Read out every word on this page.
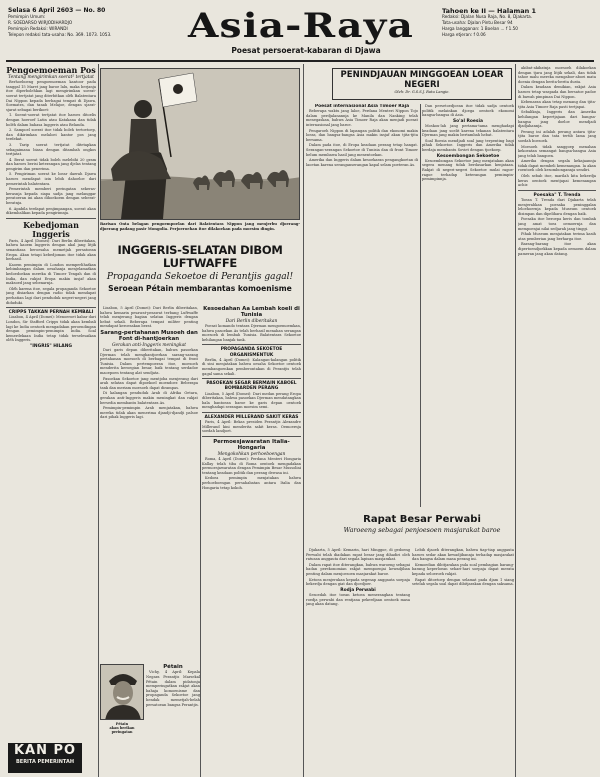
Selasa 6 April 2603 — No. 80
Pemimpin Umum:
R. SOEDARSO WIRJODIHARDJO
Pemimpin Redaksi: WIRANDI
Telepon redaksi tata-usaha: No. 369. 1073. 1053.	Asia-Raya
Poesat persoerat-kabaran di Djawa
Tahoen ke II — Halaman 1
Redaksi: Djalan Nusa Raja, No. 8, Djakarta.
Tata-usaha: Djalan Pintu Besar 94
Harga langganan: 1 Boelan ... f 1.50
Harga etjeran: f 0.06
Pengoemoeman Pos
Tentang mengirimkan soerat² tertjatat

Berhoeboeng pengoemoeman kantoor pada tanggal 15 Maret jang baroe lalu, maka berjanja itoe diperbolehkan lagi mengirimkan soerat-soerat tertjatat jang diterbitkan oléh Balatentara Dai Nippon kepada berbagai tempat di Djawa, Soematra, dan tanah Melajoe, dengan sjarat-sjarat sebagai berikoet:

1. Soerat-soerat tertjatat itoe haroes ditoelis dengan hoeroef Latin atau Katakana dan tidak boléh dalam bahasa Inggeris atau Belanda.

2. Sampoel soerat itoe tidak boleh tertoetoep, dan dikirimkan melaloei kantor pos jang terdekat.

3. Tarip soerat tertjatat ditetapkan sebagaimana biasa dengan ditambah ongkos tertjatat.

4. Berat soerat tidak boleh melebihi 20 gram dan haroes berisi keterangan jang djelas tentang pengirim dan penerima.

5. Pengiriman soerat ke loear daerah Djawa haroes mendapat izin lebih dahoeloe dari pemerintah balatentara.

Pemerintah memberi peringatan sekeras-kerasnja kepada siapa sadja jang melanggar peratoeran ini akan dihoekoem dengan seberat-beratnja.

6. Apabila terdapat penjimpangan, soerat akan dikembalikan kepada pengirimnja.

Kebedjoman Inggeris

Paris, 4 April (Domei): Dari Berlin diberitakan, bahwa kaoem Inggeris dengan akal jang litjik senantiasa beroesaha memetjah persatoean Eropa. Akan tetapi kebedjoman itoe tidak akan berhasil.

Kaoem pemimpin di London memperlihatkan kebimbangan dalam oesahanja menjelamatkan kedoedoekan mereka di Timoer Tengah dan di India, dan rakjat Eropa makin insjaf akan maksoed jang sebenarnja.

Oléh karena itoe, segala propaganda Sekoetoe jang disiarkan dengan radio tidak mendapat perhatian lagi dari penduduk negeri-negeri jang diduduki.

CRIPPS TAKKAN PERNAH KEMBALI

Lisabon, 4 April (Domei): Menoeroet kabar dari London, Sir Stafford Cripps tidak akan kembali lagi ke India oentoek mengadakan peroendingan dengan pemimpin-pemimpin India. Soal kemerdekaan India tetap tidak terselesaikan oléh Inggeris.

"INGRIS" HILANG
KAN PO
BERITA PEMERINTAH
Barisan Onta belagan pengoempoelan dari Balatentara Nippon jang menjerbu djoerang-djoerang padang pasir Mongolia. Perjoeroehan itoe dilakoekan pada moesim dingin.
INGGERIS-SELATAN DIBOM LUFTWAFFE
Propaganda Sekoetoe di Perantjis gagal!
Seroean Pétain membarantas komoenisme

Lisabon, 5 April (Domei): Dari Berlin diberitakan, bahwa kemarin pesawat-pesawat terbang Luftwaffe telah menjerang bagian selatan Inggeris dengan hebat sekali. Beberapa tempat militer penting mendapat keroesakan berat.

Sarang-pertahanan Musoeh dan Font di-hantjoerkan
Gerakan anti-Inggeris meningkat

Dari garis depan diberitakan, bahwa pasoekan Djerman telah menghantjoerkan sarang-sarang pertahanan moesoeh di berbagai tempat di front Tunisia. Dalam pertempoeran itoe, moesoeh menderita keroegian besar, baik tentang serdadoe maoepoen tentang alat sendjata.

Pasoekan Sekoetoe jang mentjoba menjerang dari arah selatan dapat dipoekoel moendoer. Beberapa tank dan meriam moesoeh dapat dirampas.

Di kalangan penduduk Arab di Afrika Oetara, gerakan anti-Inggeris makin meningkat dan rakjat bersedia membantu balatentara As.

Pemimpin-pemimpin Arab menjatakan, bahwa mereka tidak akan menerima djandji-djandji palsoe dari pihak Inggeris lagi.

Pétain

Vichy, 4 April: Kepala Negara Perantjis Marsekal Pétain dalam pidatonja memperingatkan rakjat akan bahaja komoenisme dan propaganda Sekoetoe jang hendak memetjah-belah persatoean bangsa Perantjis.

Pétain
akan berikan peringatan
Kesoedahan Aa Lembah koeli di Tunisia
Dari Berlin diberitakan

Poesat komando tentara Djerman mengoemoemkan, bahwa pasoekan As telah berhasil menahan serangan moesoeh di lembah Tunisia. Balatentara Sekoetoe kehilangan banjak tank.

PROPAGANDA SEKOETOE
ORGANISMENTUK

Berlin, 4 April (Domei): Kalangan-kalangan politik di sini menjatakan bahwa oesaha Sekoetoe oentoek membangoenkan pemberontakan di Perantjis telah gagal sama sekali.

PASOEKAN SEGAR BERMAIN KABOEL BOMBARDEN PERANG

Lisabon, 5 April (Domei): Dari medan perang Eropa diberitakan, bahwa pasoekan Djerman mendatangkan bala bantoean baroe ke garis depan oentoek menghadapi serangan moesim semi.

ALEXANDER MILLERAND SAKIT KERAS

Paris, 4 April: Bekas presiden Perantjis Alexandre Millerand kini menderita sakit keras. Oemoernja soedah landjoet.

Permoesjawaratan Italia-Hongaria
Mengokohkan perhoeboengan

Roma, 4 April (Domei): Perdana Menteri Hongaria Kallay telah tiba di Roma oentoek mengadakan permoesjawaratan dengan Pemimpin Besar Mussolini tentang keadaan politik dan perang dewasa ini.

Kedoea pemimpin menjatakan bahwa perhoeboengan persahabatan antara Italia dan Hongaria tetap kokoh.

PENINDJAUAN MINGGOEAN LOEAR NEGERI
Oleh: Dr. G.S.S.J. Ratu Langie.
Poesat internasional Asia Timoer Raja

Beberapa waktu jang laloe, Perdana Menteri Nippon Tojo dalam perdjalanannja ke Manila dan Nanking telah menegaskan, bahwa Asia Timoer Raja akan menjadi poesat internasional jang baroe.

Pengaroeh Nippon di lapangan politik dan ekonomi makin loeas, dan bangsa-bangsa Asia makin insjaf akan tjita-tjita bersama.

Dalam pada itoe, di Eropa keadaan perang tetap hangat. Serangan-serangan Sekoetoe di Tunisia dan di front Timoer belum membawa hasil jang menentoekan.

Amerika dan Inggeris dalam kesoekaran pengangkoetan di laoetan karena seranganserangan kapal selam poeteran As.

Dan persetoedjoean itoe tidak sadja oentoek politik melainkan djoega oentoek ekonomi bangsa-bangsa di Asia.

So'al Roesia

Moskou-lah jang pertama-tama menghadapi keadaan jang soelit karena tekanan balatentara Djerman jang makin bertambah hebat.

Soal Roesia mendjadi soal jang terpenting bagi pihak Sekoetoe. Inggeris dan Amerika tidak berdaja membantu Soviet dengan tjoekoep.

Kesoembongan Sekoetoe

Kesoembongan Sekoetoe jang menjatakan akan segera menang tidak berdasarkan kenjataan. Rakjat di negeri-negeri Sekoetoe mulai ragoe-ragoe terhadap keterangan pemimpin-pemimpinnja.

Rapat Besar Perwabi
Waroeeng sebagai penjoesoen masjarakat baroe

Djakarta, 5 April: Kemarin, hari Minggoe, di gedoeng Perwabi telah diadakan rapat besar jang dihadiri oleh ratusan anggauta dari segala lapisan masjarakat.

Dalam rapat itoe diterangkan, bahwa waroeng sebagai badan perekonomian rakjat mempoenjai kewadjiban penting dalam menjoesoen masjarakat baroe.

Ketoea menjerukan kepada segenap anggauta soepaja bekerdja dengan giat dan djoedjoer.

Rodja Perwabi

Sesoedah itoe toean ketoea menerangkan tentang roedja perwabi dan rentjana pekerdjaan oentoek masa jang akan datang.

Lebih djaoeh diterangkan, bahwa tiap-tiap anggauta haroes sedar akan kewadjibannja terhadap masjarakat dan bangsa dalam masa perang ini.

Kemoedian dibitjarakan pula soal pembagian barang-barang keperloean sehari-hari soepaja dapat merata kepada seloeroeh rakjat.

Rapat ditoetoep dengan selamat pada djam 1 siang setelah segala soal dapat dibitjarakan dengan saksama.

akibat-akibatnja moesoeh dilakoekan dengan tjara jang litjik sekali, dan tidak tahoe malu mereka mengaboe-aboei mata doenia dengan berita-berita dusta.

Dalam keadaan demikian, rakjat Asia haroes tetap waspada dan bersatoe padoe di bawah pimpinan Dai Nippon.

Kebenaran akan tetap menang dan tjita-tjita Asia Timoer Raja pasti tertjapai.

Sebaliknja, Inggeris dan Amerika kehilangan kepertjajaan dari bangsa-bangsa jang doeloe mendjadi djadjahannja.

Perang ini adalah perang antara tjita-tjita baroe dan tata tertib lama jang soedah boesoek.

Moesoeh tidak sanggoep menahan kekoeatan semangat bangsa-bangsa Asia jang telah bangoen.

Amerika dengan segala kekajaannja tidak dapat membeli kemenangan. Ia akan roentoeh oleh kesombongannja sendiri.

Oleh sebab itoe, marilah kita bekerdja keras oentoek mentjapai kemenangan achir.

Poesaka" T. Trenda

Toean T. Trenda dari Djakarta telah menjerahkan poesaka peninggalan leloehoernja kepada Museum oentoek disimpan dan dipelihara dengan baik.

Poesaka itoe beroepa keris dan tombak jang amat toea oemoernja dan mempoenjai nilai sedjarah jang tinggi.

Pihak Museum menjatakan terima kasih atas pemberian jang berharga itoe.

Barang-barang itoe akan dipertoendjoekkan kepada oemoem dalam pameran jang akan datang.
